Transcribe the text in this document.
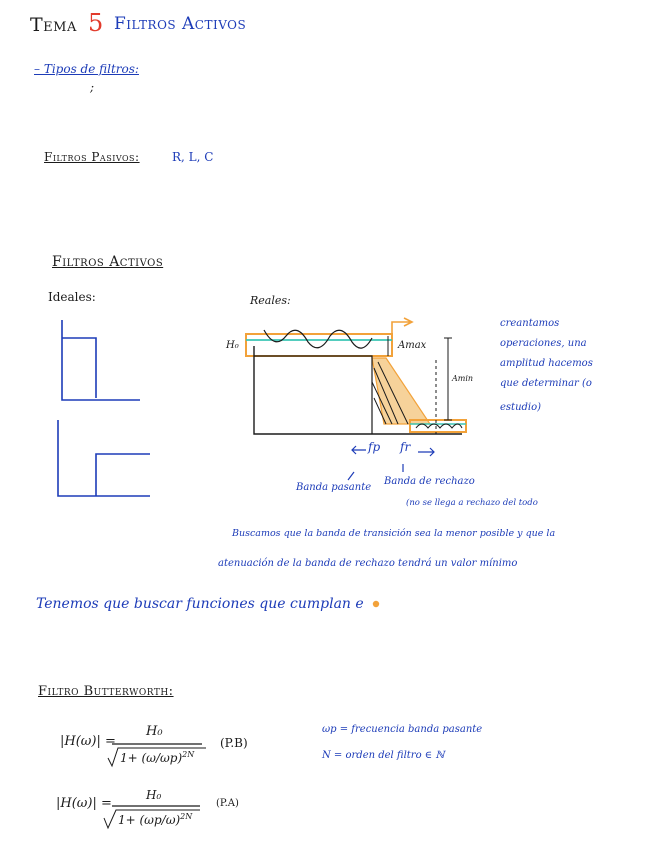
Tema 5 Filtros Activos
– Tipos de filtros:
;
Filtros Pasivos:	R, L, C
Filtros Activos
Ideales:	Reales:
H₀	Amax
Amin
fp fr
creantamos
operaciones, una
amplitud hacemos
que determinar (o
estudio)
Banda pasante
Banda de rechazo
(no se llega a rechazo del todo
Buscamos que la banda de transición sea la menor posible y que la
atenuación de la banda de rechazo tendrá un valor mínimo
Tenemos que buscar funciones que cumplan e
Filtro Butterworth:
|H(ω)| =
H₀
$1+ (\omega/\omega p)^{2N}$
(P.B)
ωp = frecuencia banda pasante
N = orden del filtro ∈ ℕ
|H(ω)| =
H₀
$1+ (\omega p/\omega)^{2N}$
(P.A)
